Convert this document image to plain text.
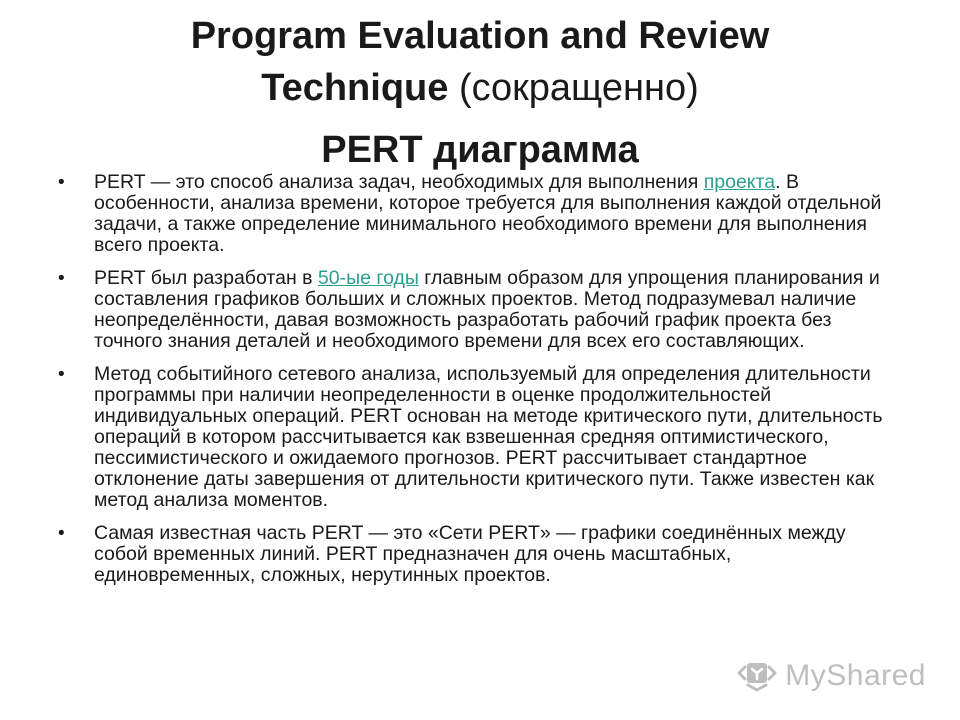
Program Evaluation and Review
Technique (сокращенно)
PERT диаграмма
•	PERT — это способ анализа задач, необходимых для выполнения проекта. В особенности, анализа времени, которое требуется для выполнения каждой отдельной задачи, а также определение минимального необходимого времени для выполнения всего проекта.
•	PERT был разработан в 50-ые годы главным образом для упрощения планирования и составления графиков больших и сложных проектов. Метод подразумевал наличие неопределённости, давая возможность разработать рабочий график проекта без точного знания деталей и необходимого времени для всех его составляющих.
•	Метод событийного сетевого анализа, используемый для определения длительности программы при наличии неопределенности в оценке продолжительностей индивидуальных операций. PERT основан на методе критического пути, длительность операций в котором рассчитывается как взвешенная средняя оптимистического, пессимистического и ожидаемого прогнозов. PERT рассчитывает стандартное отклонение даты завершения от длительности критического пути. Также известен как метод анализа моментов.
•	Самая известная часть PERT — это «Сети PERT» — графики соединённых между собой временных линий. PERT предназначен для очень масштабных, единовременных, сложных, нерутинных проектов.
MyShared
